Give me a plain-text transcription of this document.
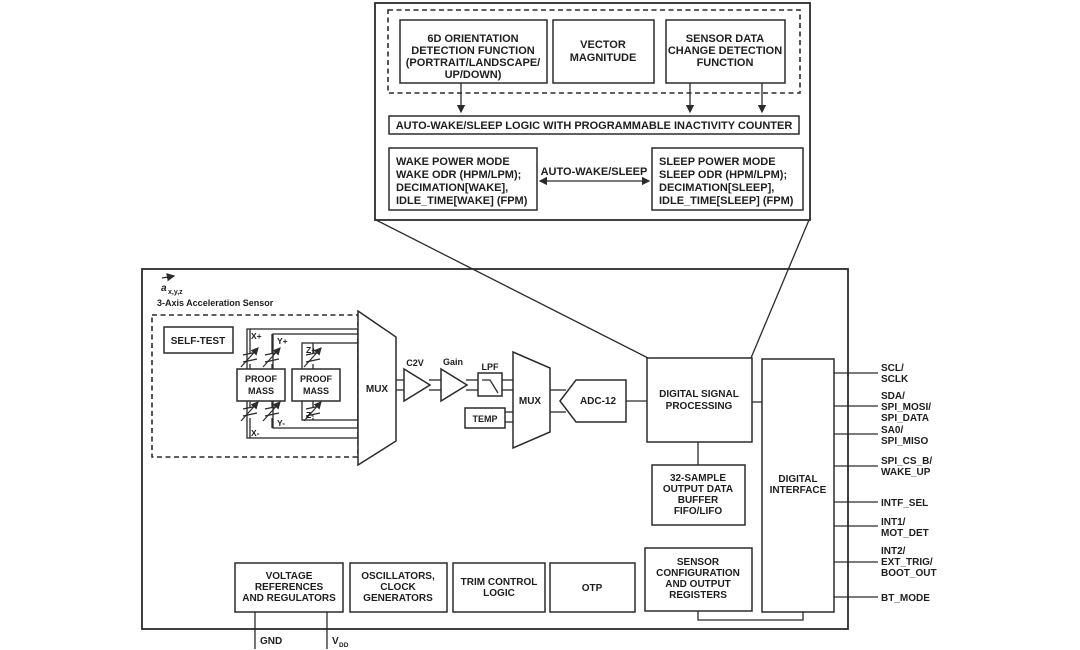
6D ORIENTATION
DETECTION FUNCTION
(PORTRAIT/LANDSCAPE/
UP/DOWN)
VECTOR
MAGNITUDE
SENSOR DATA
CHANGE DETECTION
FUNCTION
AUTO-WAKE/SLEEP LOGIC WITH PROGRAMMABLE INACTIVITY COUNTER
WAKE POWER MODE
WAKE ODR (HPM/LPM);
DECIMATION[WAKE],
IDLE_TIME[WAKE] (FPM)
SLEEP POWER MODE
SLEEP ODR (HPM/LPM);
DECIMATION[SLEEP],
IDLE_TIME[SLEEP] (FPM)
AUTO-WAKE/SLEEP
a x,y,z
3-Axis Acceleration Sensor
SELF-TEST	X+ Y+
Z+
X-
Y-
Z-
PROOF
MASS
PROOF
MASS	MUX
C2V Gain LPF
TEMP
MUX	ADC-12
DIGITAL SIGNAL
PROCESSING
32-SAMPLE
OUTPUT DATA
BUFFER
FIFO/LIFO
SENSOR
CONFIGURATION
AND OUTPUT
REGISTERS
DIGITAL
INTERFACE
VOLTAGE
REFERENCES
AND REGULATORS
OSCILLATORS,
CLOCK
GENERATORS
TRIM CONTROL
LOGIC	OTP
GND	V DD
SCL/
SCLK
SDA/
SPI_MOSI/
SPI_DATA
SA0/
SPI_MISO
SPI_CS_B/
WAKE_UP
INTF_SEL
INT1/
MOT_DET
INT2/
EXT_TRIG/
BOOT_OUT
BT_MODE
